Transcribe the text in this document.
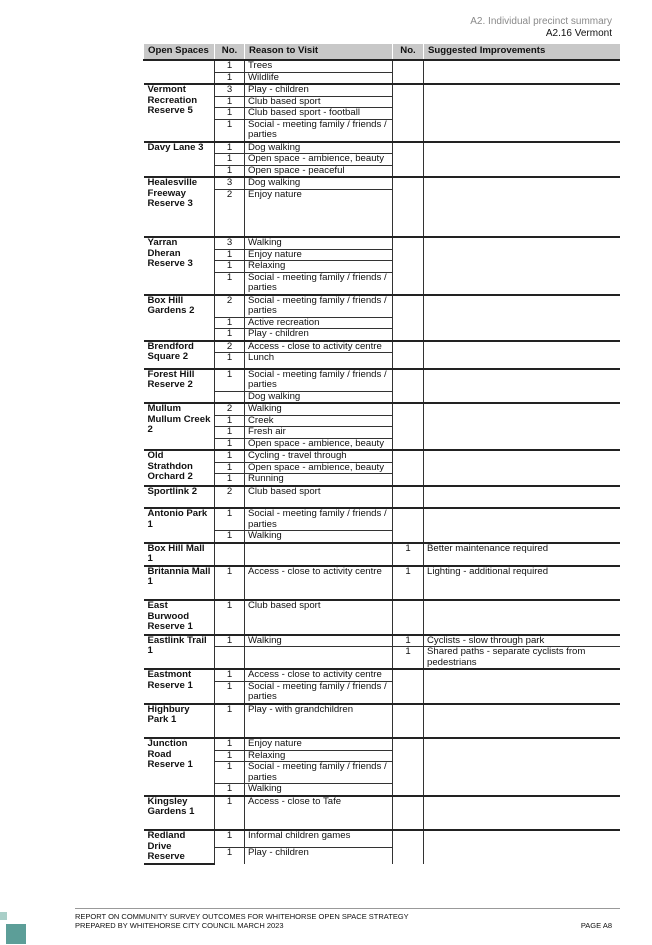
A2. Individual precinct summary
A2.16 Vermont
Open Spaces	No.	Reason to Visit	No.	Suggested Improvements
	1	Trees		
	1	Wildlife		
Vermont Recreation Reserve 5	3	Play - children		
	1	Club based sport		
	1	Club based sport - football		
	1	Social - meeting family / friends / parties		
Davy Lane 3	1	Dog walking		
	1	Open space - ambience, beauty		
	1	Open space - peaceful		
Healesville Freeway Reserve 3	3	Dog walking		
	2	Enjoy nature		
Yarran Dheran Reserve 3	3	Walking		
	1	Enjoy nature		
	1	Relaxing		
	1	Social - meeting family / friends / parties		
Box Hill Gardens 2	2	Social - meeting family / friends / parties		
	1	Active recreation		
	1	Play - children		
Brendford Square 2	2	Access - close to activity centre		
	1	Lunch		
Forest Hill Reserve 2	1	Social - meeting family / friends / parties		
		Dog walking		
Mullum Mullum Creek 2	2	Walking		
	1	Creek		
	1	Fresh air		
	1	Open space - ambience, beauty		
Old Strathdon Orchard 2	1	Cycling - travel through		
	1	Open space - ambience, beauty		
	1	Running		
Sportlink 2	2	Club based sport		
Antonio Park 1	1	Social - meeting family / friends / parties		
	1	Walking		
Box Hill Mall 1			1	Better maintenance required
Britannia Mall 1	1	Access - close to activity centre	1	Lighting - additional required
East Burwood Reserve 1	1	Club based sport		
Eastlink Trail 1	1	Walking	1	Cyclists - slow through park
			1	Shared paths - separate cyclists from pedestrians
Eastmont Reserve 1	1	Access - close to activity centre		
	1	Social - meeting family / friends / parties		
Highbury Park 1	1	Play - with grandchildren		
Junction Road Reserve 1	1	Enjoy nature		
	1	Relaxing		
	1	Social - meeting family / friends / parties		
	1	Walking		
Kingsley Gardens 1	1	Access - close to Tafe		
Redland Drive Reserve	1	Informal children games		
	1	Play - children		
REPORT ON COMMUNITY SURVEY OUTCOMES FOR WHITEHORSE OPEN SPACE STRATEGY
PREPARED BY WHITEHORSE CITY COUNCIL MARCH 2023	PAGE A8
